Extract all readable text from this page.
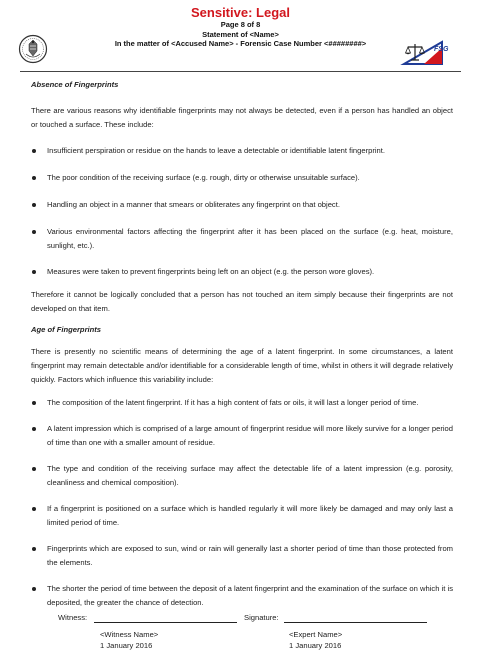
Sensitive: Legal
Page 8 of 8
Statement of <Name>
In the matter of <Accused Name> - Forensic Case Number <########>
FSG
Absence of Fingerprints
There are various reasons why identifiable fingerprints may not always be detected, even if a person has handled an object or touched a surface. These include:
Insufficient perspiration or residue on the hands to leave a detectable or identifiable latent fingerprint.
The poor condition of the receiving surface (e.g. rough, dirty or otherwise unsuitable surface).
Handling an object in a manner that smears or obliterates any fingerprint on that object.
Various environmental factors affecting the fingerprint after it has been placed on the surface (e.g. heat, moisture, sunlight, etc.).
Measures were taken to prevent fingerprints being left on an object (e.g. the person wore gloves).
Therefore it cannot be logically concluded that a person has not touched an item simply because their fingerprints are not developed on that item.
Age of Fingerprints
There is presently no scientific means of determining the age of a latent fingerprint. In some circumstances, a latent fingerprint may remain detectable and/or identifiable for a considerable length of time, whilst in others it will degrade relatively quickly. Factors which influence this variability include:
The composition of the latent fingerprint. If it has a high content of fats or oils, it will last a longer period of time.
A latent impression which is comprised of a large amount of fingerprint residue will more likely survive for a longer period of time than one with a smaller amount of residue.
The type and condition of the receiving surface may affect the detectable life of a latent impression (e.g. porosity, cleanliness and chemical composition).
If a fingerprint is positioned on a surface which is handled regularly it will more likely be damaged and may only last a limited period of time.
Fingerprints which are exposed to sun, wind or rain will generally last a shorter period of time than those protected from the elements.
The shorter the period of time between the deposit of a latent fingerprint and the examination of the surface on which it is deposited, the greater the chance of detection.
Witness:	Signature:
<Witness Name>
1 January 2016
<Expert Name>
1 January 2016
